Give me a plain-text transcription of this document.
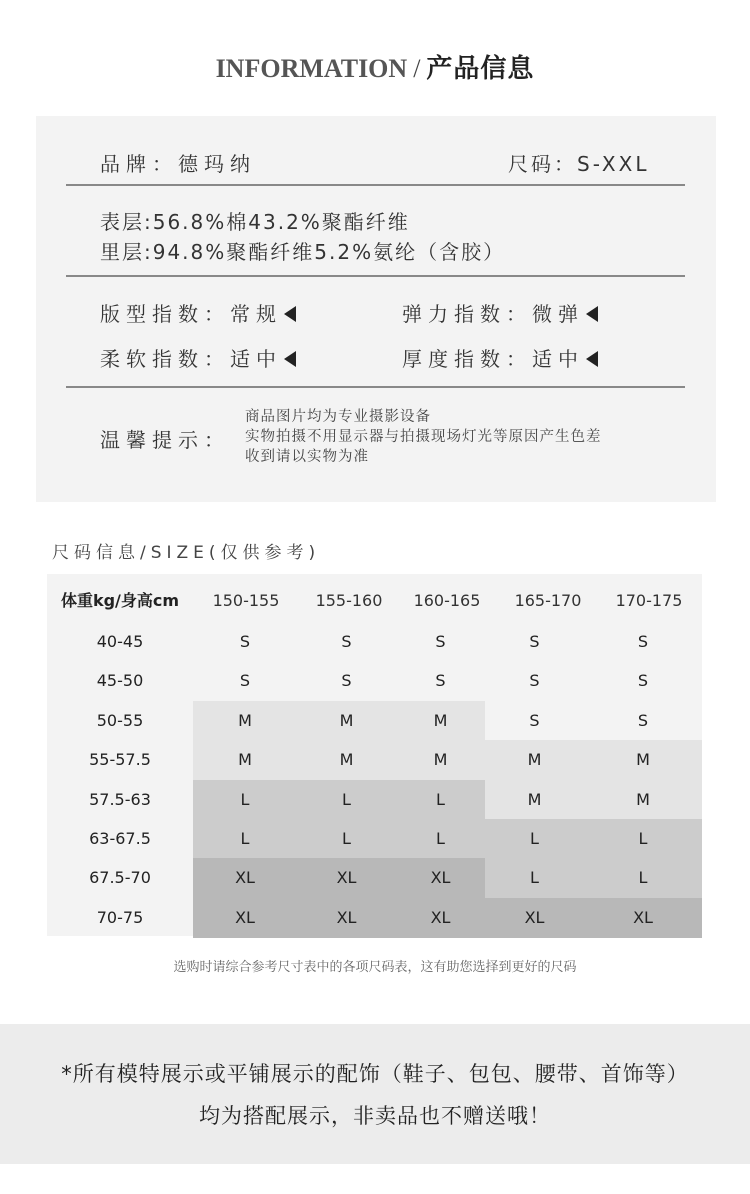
INFORMATION / 产品信息
品牌：德玛纳	尺码：S-XXL
表层:56.8%棉43.2%聚酯纤维
里层:94.8%聚酯纤维5.2%氨纶（含胶）
版型指数：常规	弹力指数：微弹
柔软指数：适中	厚度指数：适中
温馨提示：
商品图片均为专业摄影设备
实物拍摄不用显示器与拍摄现场灯光等原因产生色差
收到请以实物为准
尺码信息/SIZE(仅供参考)
体重kg/身高cm	150-155	155-160	160-165	165-170	170-175
40-45	S	S	S	S	S
45-50	S	S	S	S	S
50-55	M	M	M	S	S
55-57.5	M	M	M	M	M
57.5-63	L	L	L	M	M
63-67.5	L	L	L	L	L
67.5-70	XL	XL	XL	L	L
70-75	XL	XL	XL	XL	XL
选购时请综合参考尺寸表中的各项尺码表，这有助您选择到更好的尺码
*所有模特展示或平铺展示的配饰（鞋子、包包、腰带、首饰等）
均为搭配展示，非卖品也不赠送哦！
